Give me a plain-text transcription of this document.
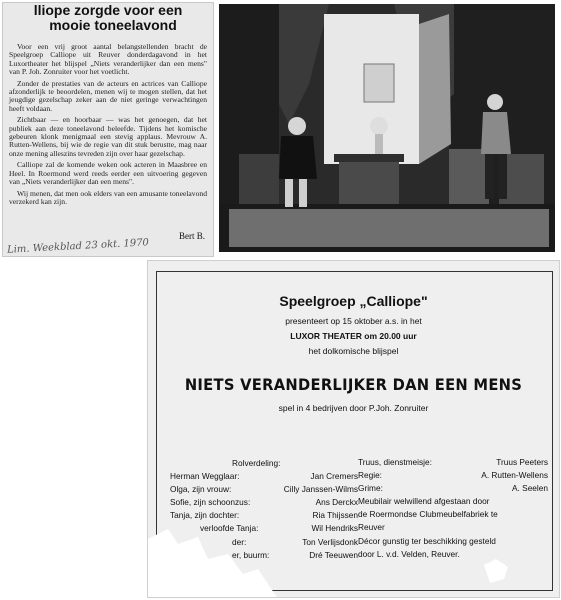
lliope zorgde voor een
mooie toneelavond

Voor een vrij groot aantal belangstellenden bracht de Speelgroep Calliope uit Reuver donderdagavond in het Luxortheater het blijspel „Niets veranderlijker dan een mens" van P. Joh. Zonruiter voor het voetlicht.

Zonder de prestaties van de acteurs en actrices van Calliope afzonderlijk te beoordelen, menen wij te mogen stellen, dat het jeugdige gezelschap zeker aan de niet geringe verwachtingen heeft voldaan.

Zichtbaar — en hoorbaar — was het genoegen, dat het publiek aan deze toneelavond beleefde. Tijdens het komische gebeuren klonk menigmaal een stevig applaus. Mevrouw A. Rutten-Wellens, bij wie de regie van dit stuk berustte, mag naar onze mening alleszins tevreden zijn over haar gezelschap.

Calliope zal de komende weken ook acteren in Maasbree en Heel. In Roermond werd reeds eerder een uitvoering gegeven van „Niets veranderlijker dan een mens".

Wij menen, dat men ook elders van een amusante toneelavond verzekerd kan zijn.

Bert B.
Lim. Weekblad 23 okt. 1970
Speelgroep „Calliope"
presenteert op 15 oktober a.s. in het
LUXOR THEATER om 20.00 uur
het dolkomische blijspel
NIETS VERANDERLIJKER DAN EEN MENS
spel in 4 bedrijven door P.Joh. Zonruiter
Rolverdeling:
Herman Wegglaar:	Jan Cremers
Olga, zijn vrouw:	Cilly Janssen-Wilms
Sofie, zijn schoonzus:	Ans Derckx
Tanja, zijn dochter:	Ria Thijssen
verloofde Tanja:	Wil Hendriks
der:	Ton Verlijsdonk
er, buurm:	Dré Teeuwen
Truus, dienstmeisje:	Truus Peeters
Regie:	A. Rutten-Wellens
Grime:	A. Seelen
Meubilair welwillend afgestaan door
de Roermondse Clubmeubelfabriek te
Reuver
Décor gunstig ter beschikking gesteld
door L. v.d. Velden, Reuver.
